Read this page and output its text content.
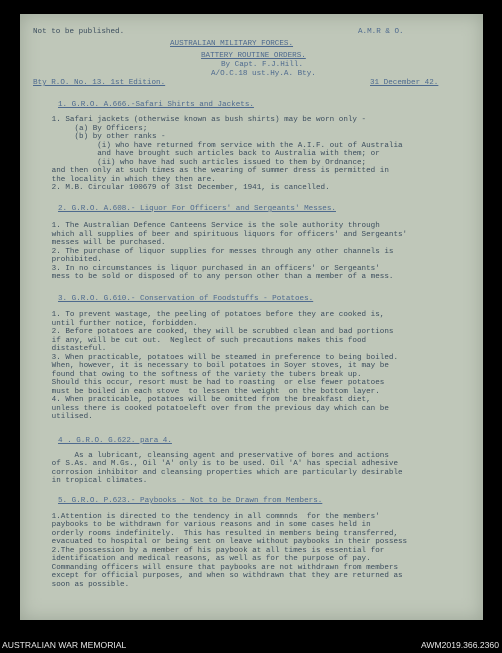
Not to be published.	A.M.R & O.
AUSTRALIAN MILITARY FORCES.
BATTERY ROUTINE ORDERS.
By Capt. F.J.Hill.
A/O.C.18 ust.Hy.A. Bty.
Bty R.O. No. 13. 1st Edition.	31 December 42.
1. G.R.O. A.666.-Safari Shirts and Jackets.
1. Safari jackets (otherwise known as bush shirts) may be worn only -
(a) By Officers;
(b) by other ranks -
(i) who have returned from service with the A.I.F. out of Australia
and have brought such articles back to Australia with them; or
(ii) who have had such articles issued to them by Ordnance;
and then only at such times as the wearing of summer dress is permitted in
the locality in which they then are.
2. M.B. Circular 100679 of 31st December, 1941, is cancelled.
2. G.R.O. A.608.- Liquor For Officers' and Sergeants' Messes.
1. The Australian Defence Canteens Service is the sole authority through
which all supplies of beer and spirituous liquors for officers' and Sergeants'
messes will be purchased.
2. The purchase of liquor supplies for messes through any other channels is
prohibited.
3. In no circumstances is liquor purchased in an officers' or Sergeants'
mess to be sold or disposed of to any person other than a member of a mess.
3. G.R.O. G.610.- Conservation of Foodstuffs - Potatoes.
1. To prevent wastage, the peeling of potatoes before they are cooked is,
until further notice, forbidden.
2. Before potatoes are cooked, they will be scrubbed clean and bad portions
if any, will be cut out.  Neglect of such precautions makes this food
distasteful.
3. When practicable, potatoes will be steamed in preference to being boiled.
When, however, it is necessary to boil potatoes in Soyer stoves, it may be
found that owing to the softness of the variety the tubers break up.
Should this occur, resort must be had to roasting  or else fewer potatoes
must be boiled in each stove  to lessen the weight  on the bottom layer.
4. When practicable, potatoes will be omitted from the breakfast diet,
unless there is cooked potatoeleft over from the previous day which can be
utilised.
4 . G.R.O. G.622. para 4.

As a lubricant, cleansing agent and preservative of bores and actions
of S.As. and M.Gs., Oil 'A' only is to be used. Oil 'A' has special adhesive
corrosion inhibitor and cleansing properties which are particularly desirable
in tropical climates.
5. G.R.O. P.623.- Paybooks - Not to be Drawn from Members.

1.Attention is directed to the tendency in all commnds  for the members'
paybooks to be withdrawn for various reasons and in some cases held in
orderly rooms indefinitely.  This has resulted in members being transferred,
evacuated to hospital or being sent on leave without paybooks in their possess
2.The possession by a member of his paybook at all times is essential for
identification and medical reasons, as well as for the purpose of pay.
Commanding officers will ensure that paybooks are not withdrawn from members
except for official purposes, and when so withdrawn that they are returned as
soon as possible.
AUSTRALIAN WAR MEMORIAL	AWM2019.366.2360
